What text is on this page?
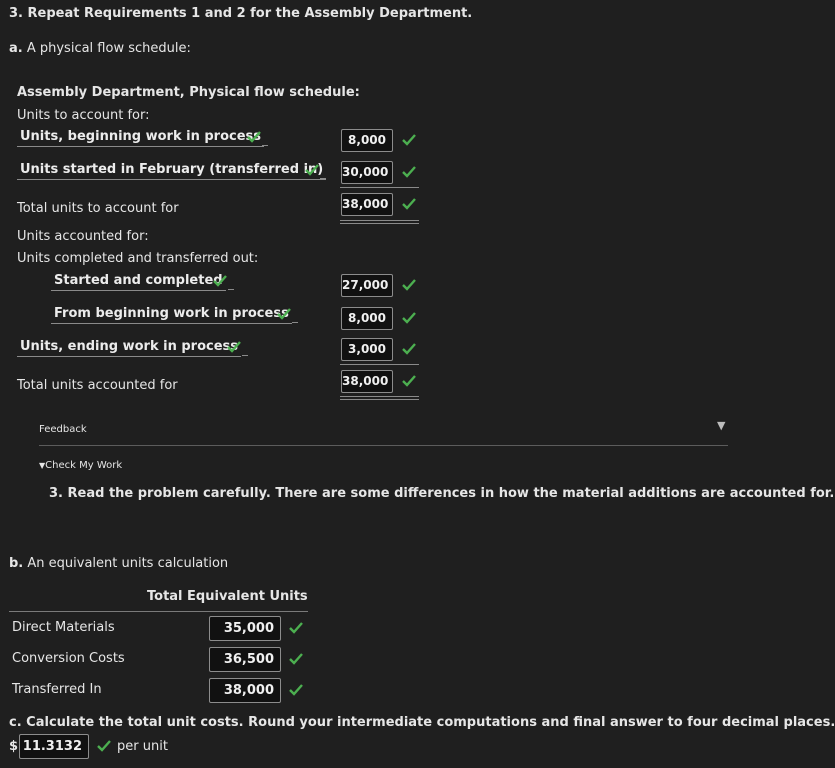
3. Repeat Requirements 1 and 2 for the Assembly Department.
a. A physical flow schedule:
Assembly Department, Physical flow schedule:
Units to account for:
Units, beginning work in process	8,000
Units started in February (transferred in) 30,000
Total units to account for	38,000
Units accounted for:
Units completed and transferred out:
Started and completed	27,000
From beginning work in process	8,000
Units, ending work in process	3,000
Total units accounted for	38,000
Feedback	▼
▼Check My Work
3. Read the problem carefully. There are some differences in how the material additions are accounted for.
b. An equivalent units calculation
Total Equivalent Units
Direct Materials	35,000
Conversion Costs	36,500
Transferred In	38,000
c. Calculate the total unit costs. Round your intermediate computations and final answer to four decimal places.
$ 11.3132	per unit
